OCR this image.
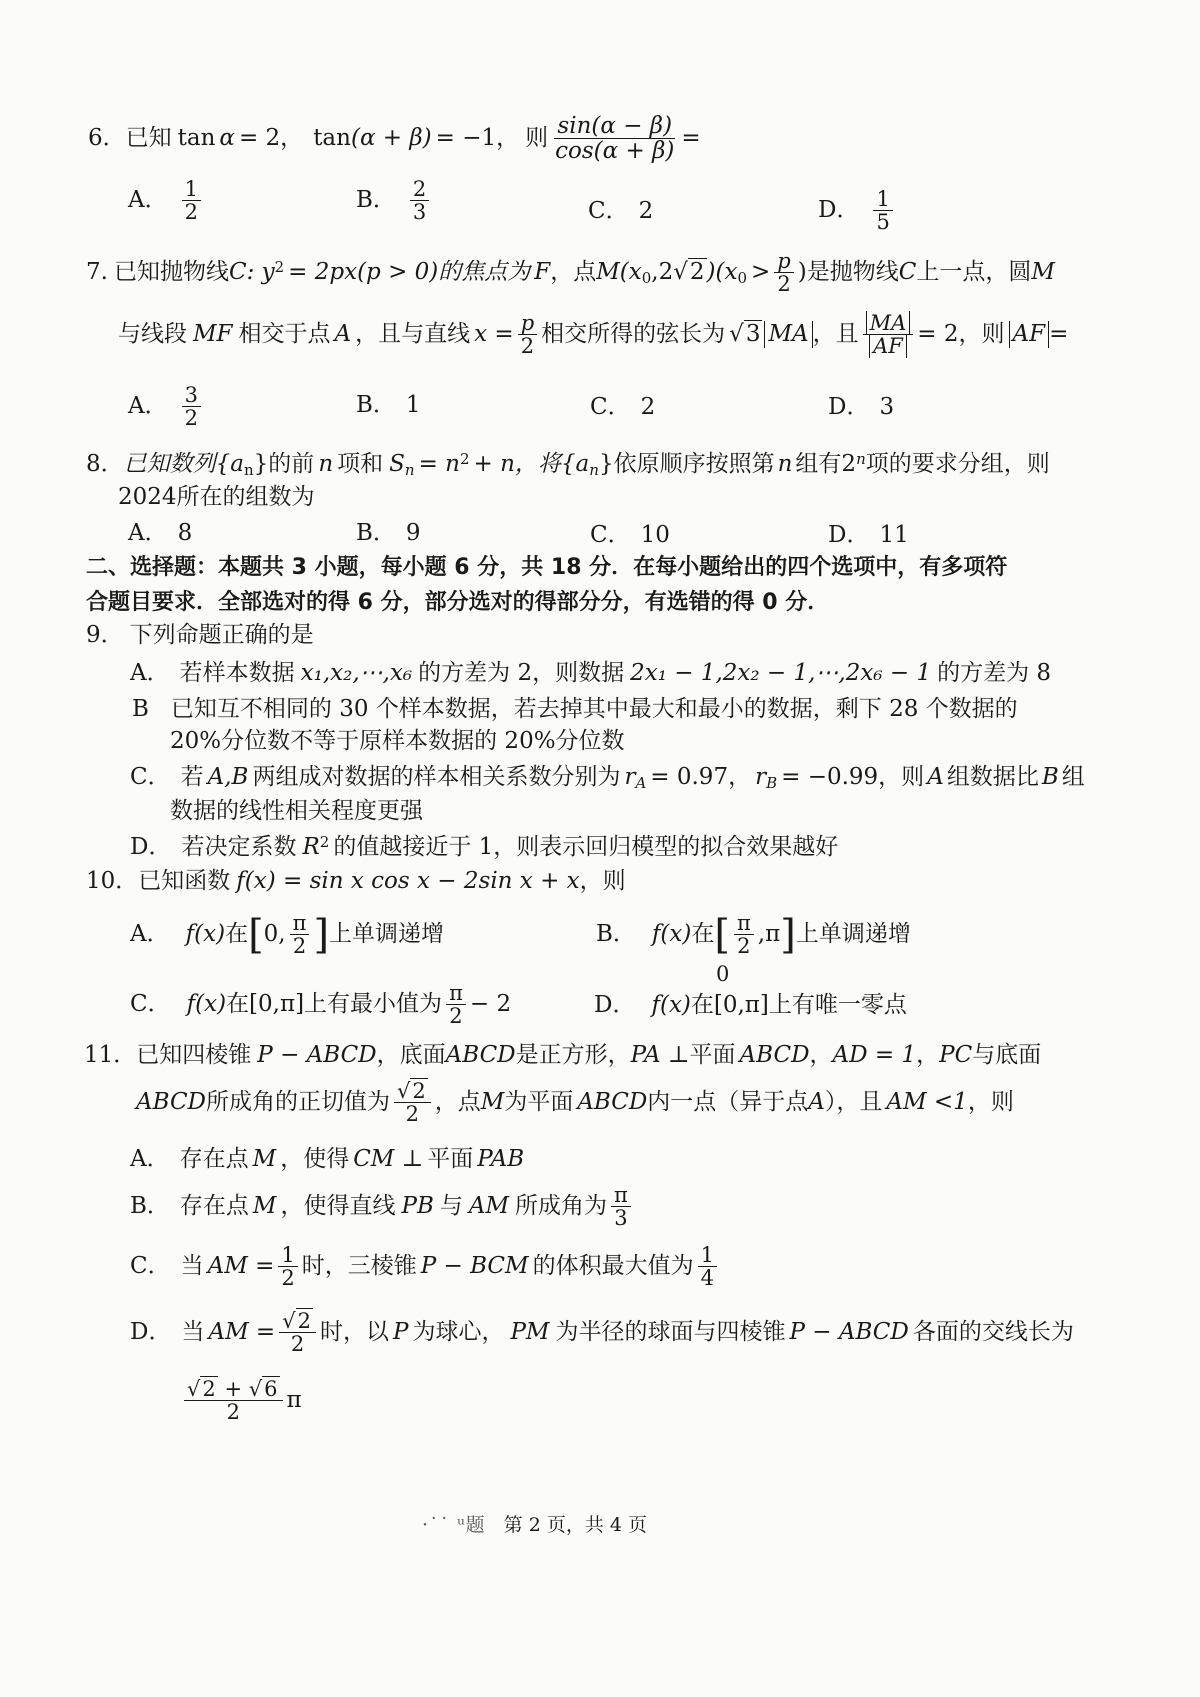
6． 已知 tan α = 2， tan (α + β) = −1， 则 $\frac{\sin(\alpha - \beta)}{\cos(\alpha + \beta)}$ =
A． $\frac{1}{2}$	B． $\frac{2}{3}$	C． 2	D． $\frac{1}{5}$
7. 已知抛物线 C : $y^2 = 2px(p > 0)$的焦点为 F ，点 $M(x_0$ ,2 √ 2 )($x_0 > \frac{p}{2}$ )是抛物线 C 上一点，圆 M
与线段 MF 相交于点 A ，且与直线 $x = \frac{p}{2}$ 相交所得的弦长为 √ 3 MA ，且 $\frac{MA}{AF} = 2$，则 AF =
A． $\frac{3}{2}$	B． 1	C． 2	D． 3
8． 已知数列{$a_n$ }的前 n 项和 $S_n = n^2 + n$，将{$a_n$ }依原顺序按照第 n 组有2$^n$ 项的要求分组，则
2024所在的组数为
A． 8	B． 9	C． 10	D． 11
二、选择题：本题共 3 小题，每小题 6 分，共 18 分．在每小题给出的四个选项中，有多项符
合题目要求．全部选对的得 6 分，部分选对的得部分分，有选错的得 0 分．
9． 下列命题正确的是
A． 若样本数据 x₁,x₂,⋯,x₆ 的方差为 2，则数据 2x₁ − 1,2x₂ − 1,⋯,2x₆ − 1 的方差为 8
B 已知互不相同的 30 个样本数据，若去掉其中最大和最小的数据，剩下 28 个数据的
20%分位数不等于原样本数据的 20%分位数
C． 若 A,B 两组成对数据的样本相关系数分别为 $r_A = 0.97$， $r_B = -0.99$，则 A 组数据比 B 组
数据的线性相关程度更强
D． 若决定系数 $R^2$ 的值越接近于 1，则表示回归模型的拟合效果越好
10． 已知函数 f(x) = sin x cos x − 2sin x + x ，则
A． f(x) 在 [ 0, $\frac{\pi}{2}$ ] 上单调递增	B． f(x) 在 [ $\frac{\pi}{2} ,\pi$ ] 上单调递增
0
C． f(x) 在[0,π]上有最小值为 $\frac{\pi}{2} - 2$	D． f(x) 在[0,π]上有唯一零点
11． 已知四棱锥 P − ABCD ，底面 ABCD 是正方形， PA ⊥ 平面 ABCD ， AD = 1 ， PC 与底面
ABCD 所成角的正切值为 $\frac{√2}{2}$ ，点 M 为平面 ABCD 内一点（异于点 A ），且 AM <1 ，则
A． 存在点 M ，使得 CM ⊥ 平面 PAB
B． 存在点 M ，使得直线 PB 与 AM 所成角为 $\frac{\pi}{3}$
C． 当 AM = $\frac{1}{2}$ 时，三棱锥 P − BCM 的体积最大值为 $\frac{1}{4}$
D． 当 AM = $\frac{√2}{2}$ 时，以 P 为球心， PM 为半径的球面与四棱锥 P − ABCD 各面的交线长为
$\frac{√2 + √6}{2}$ π
·˙˙ ᵘ题 第 2 页，共 4 页
